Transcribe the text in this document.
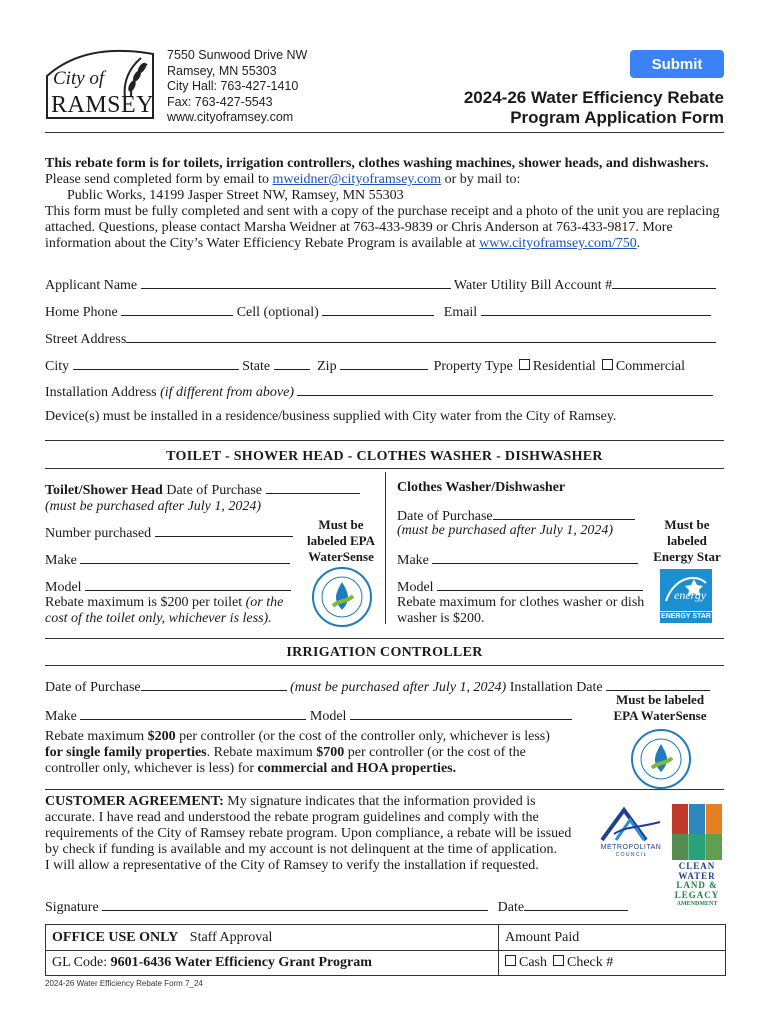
City of
RAMSEY
7550 Sunwood Drive NW
Ramsey, MN 55303
City Hall: 763-427-1410
Fax: 763-427-5543
www.cityoframsey.com
Submit
2024-26 Water Efficiency Rebate
Program Application Form
This rebate form is for toilets, irrigation controllers, clothes washing machines, shower heads, and dishwashers.
Please send completed form by email to mweidner@cityoframsey.com or by mail to:
Public Works, 14199 Jasper Street NW, Ramsey, MN 55303
This form must be fully completed and sent with a copy of the purchase receipt and a photo of the unit you are replacing
attached. Questions, please contact Marsha Weidner at 763-433-9839 or Chris Anderson at 763-433-9817. More
information about the City’s Water Efficiency Rebate Program is available at www.cityoframsey.com/750.
Applicant Name	Water Utility Bill Account #
Home Phone	Cell (optional)	Email
Street Address
City	State	Zip	Property Type Residential Commercial
Installation Address (if different from above)
Device(s) must be installed in a residence/business supplied with City water from the City of Ramsey.
TOILET - SHOWER HEAD - CLOTHES WASHER - DISHWASHER
Toilet/Shower Head Date of Purchase
(must be purchased after July 1, 2024)
Number purchased
Make
Model
Rebate maximum is $200 per toilet (or the
cost of the toilet only, whichever is less).
Must be
labeled EPA
WaterSense
Clothes Washer/Dishwasher
Date of Purchase
(must be purchased after July 1, 2024)
Make
Model
Rebate maximum for clothes washer or dish
washer is $200.
Must be
labeled
Energy Star
energy
ENERGY STAR
IRRIGATION CONTROLLER
Date of Purchase	(must be purchased after July 1, 2024) Installation Date
Make	Model
Must be labeled
EPA WaterSense
Rebate maximum $200 per controller (or the cost of the controller only, whichever is less)
for single family properties. Rebate maximum $700 per controller (or the cost of the
controller only, whichever is less) for commercial and HOA properties.
CUSTOMER AGREEMENT: My signature indicates that the information provided is
accurate. I have read and understood the rebate program guidelines and comply with the
requirements of the City of Ramsey rebate program. Upon compliance, a rebate will be issued
by check if funding is available and my account is not delinquent at the time of application.
I will allow a representative of the City of Ramsey to verify the installation if requested.
METROPOLITAN
C O U N C I L
CLEAN
WATER
LAND &
LEGACY
AMENDMENT
Signature	Date
OFFICE USE ONLY Staff Approval	Amount Paid
GL Code: 9601-6436 Water Efficiency Grant Program	Cash Check #
2024-26 Water Efficiency Rebate Form 7_24
